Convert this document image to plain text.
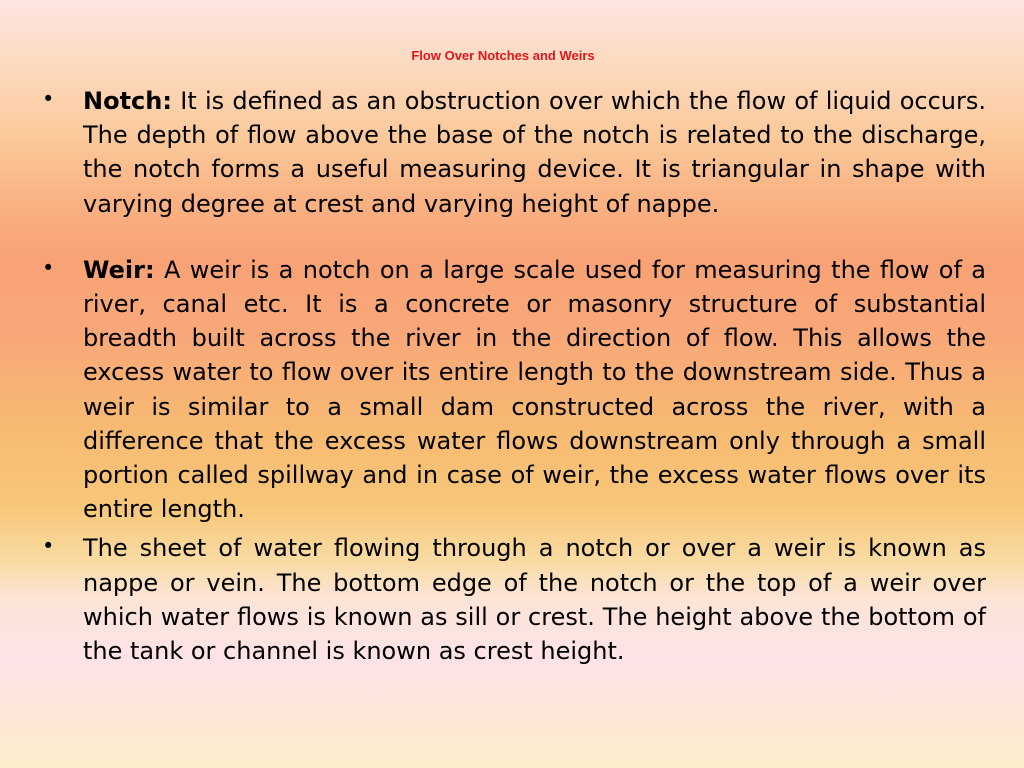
Flow Over Notches and Weirs
• Notch: It is defined as an obstruction over which the flow of liquid occurs. The depth of flow above the base of the notch is related to the discharge, the notch forms a useful measuring device. It is triangular in shape with varying degree at crest and varying height of nappe.
• Weir: A weir is a notch on a large scale used for measuring the flow of a river, canal etc. It is a concrete or masonry structure of substantial breadth built across the river in the direction of flow. This allows the excess water to flow over its entire length to the downstream side. Thus a weir is similar to a small dam constructed across the river, with a difference that the excess water flows downstream only through a small portion called spillway and in case of weir, the excess water flows over its entire length.
• The sheet of water flowing through a notch or over a weir is known as nappe or vein. The bottom edge of the notch or the top of a weir over which water flows is known as sill or crest. The height above the bottom of the tank or channel is known as crest height.
